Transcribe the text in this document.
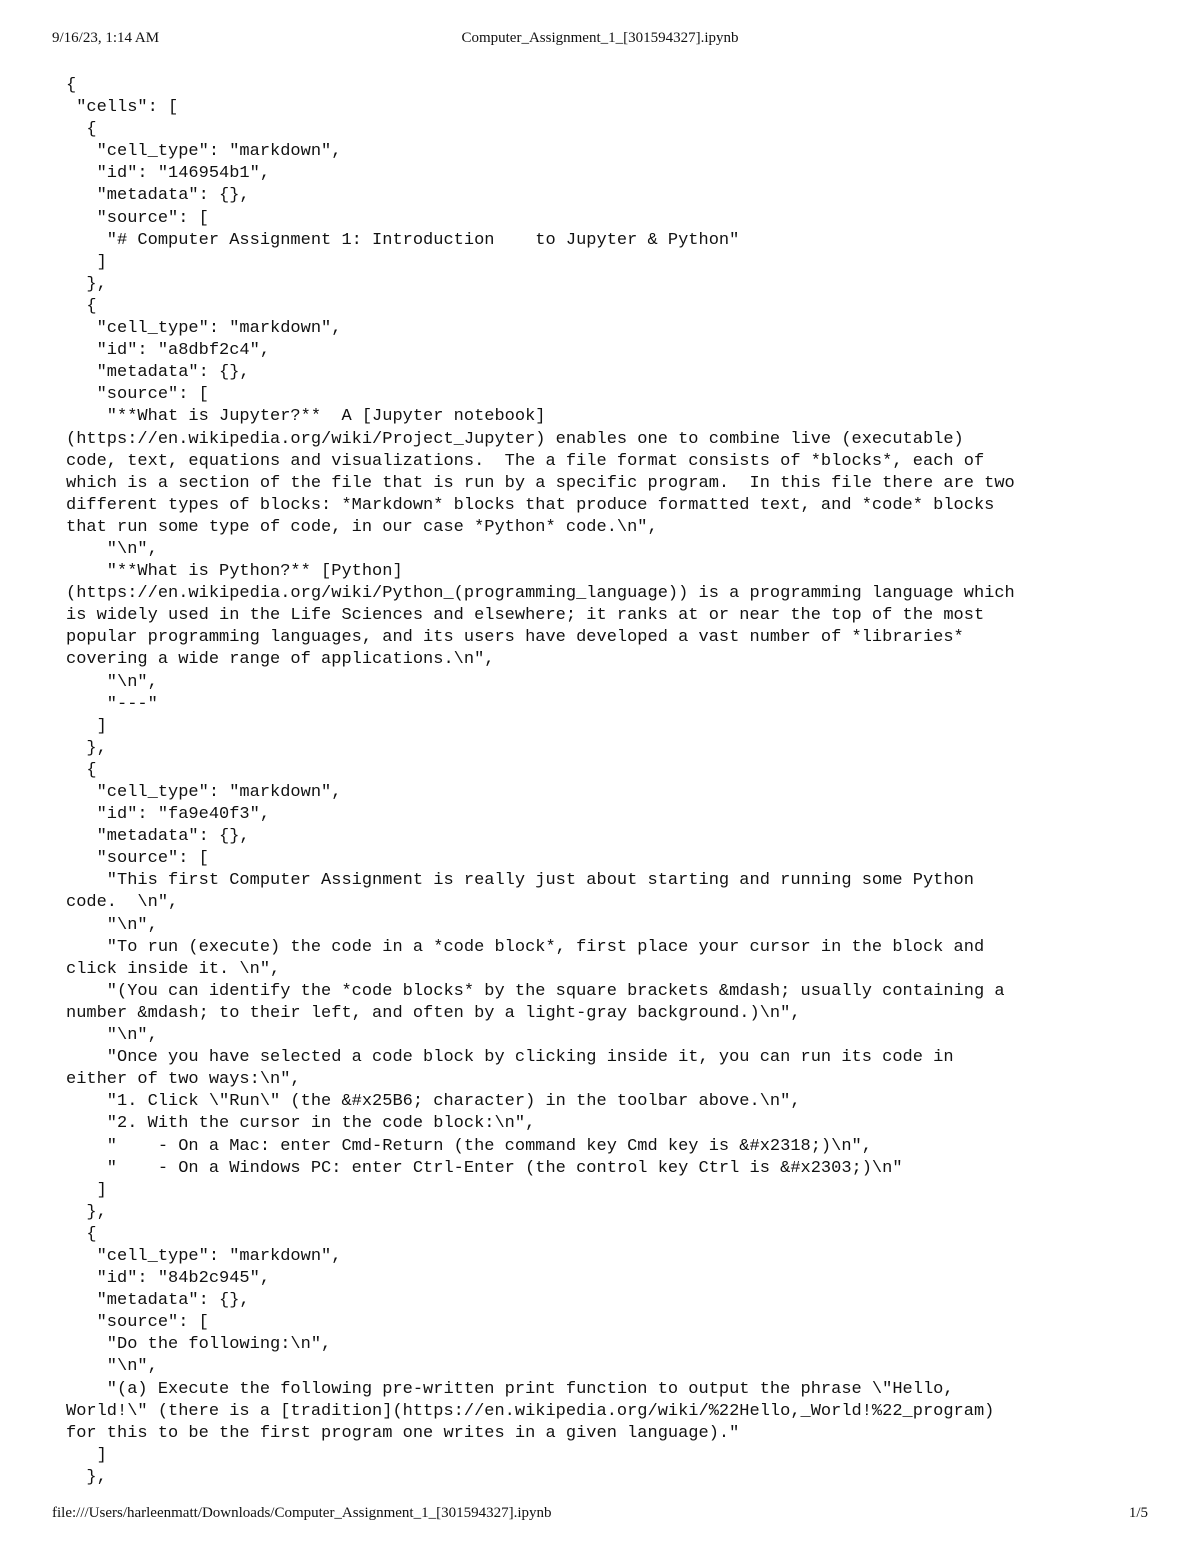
9/16/23, 1:14 AM	Computer_Assignment_1_[301594327].ipynb
{
"cells": [
{
"cell_type": "markdown",
"id": "146954b1",
"metadata": {},
"source": [
"# Computer Assignment 1: Introduction    to Jupyter & Python"
]
},
{
"cell_type": "markdown",
"id": "a8dbf2c4",
"metadata": {},
"source": [
"**What is Jupyter?**  A [Jupyter notebook]
(https://en.wikipedia.org/wiki/Project_Jupyter) enables one to combine live (executable)
code, text, equations and visualizations.  The a file format consists of *blocks*, each of
which is a section of the file that is run by a specific program.  In this file there are two
different types of blocks: *Markdown* blocks that produce formatted text, and *code* blocks
that run some type of code, in our case *Python* code.\n",
"\n",
"**What is Python?** [Python]
(https://en.wikipedia.org/wiki/Python_(programming_language)) is a programming language which
is widely used in the Life Sciences and elsewhere; it ranks at or near the top of the most
popular programming languages, and its users have developed a vast number of *libraries*
covering a wide range of applications.\n",
"\n",
"---"
]
},
{
"cell_type": "markdown",
"id": "fa9e40f3",
"metadata": {},
"source": [
"This first Computer Assignment is really just about starting and running some Python
code.  \n",
"\n",
"To run (execute) the code in a *code block*, first place your cursor in the block and
click inside it. \n",
"(You can identify the *code blocks* by the square brackets &mdash; usually containing a
number &mdash; to their left, and often by a light-gray background.)\n",
"\n",
"Once you have selected a code block by clicking inside it, you can run its code in
either of two ways:\n",
"1. Click \"Run\" (the &#x25B6; character) in the toolbar above.\n",
"2. With the cursor in the code block:\n",
"    - On a Mac: enter Cmd-Return (the command key Cmd key is &#x2318;)\n",
"    - On a Windows PC: enter Ctrl-Enter (the control key Ctrl is &#x2303;)\n"
]
},
{
"cell_type": "markdown",
"id": "84b2c945",
"metadata": {},
"source": [
"Do the following:\n",
"\n",
"(a) Execute the following pre-written print function to output the phrase \"Hello,
World!\" (there is a [tradition](https://en.wikipedia.org/wiki/%22Hello,_World!%22_program)
for this to be the first program one writes in a given language)."
]
},
file:///Users/harleenmatt/Downloads/Computer_Assignment_1_[301594327].ipynb	1/5
